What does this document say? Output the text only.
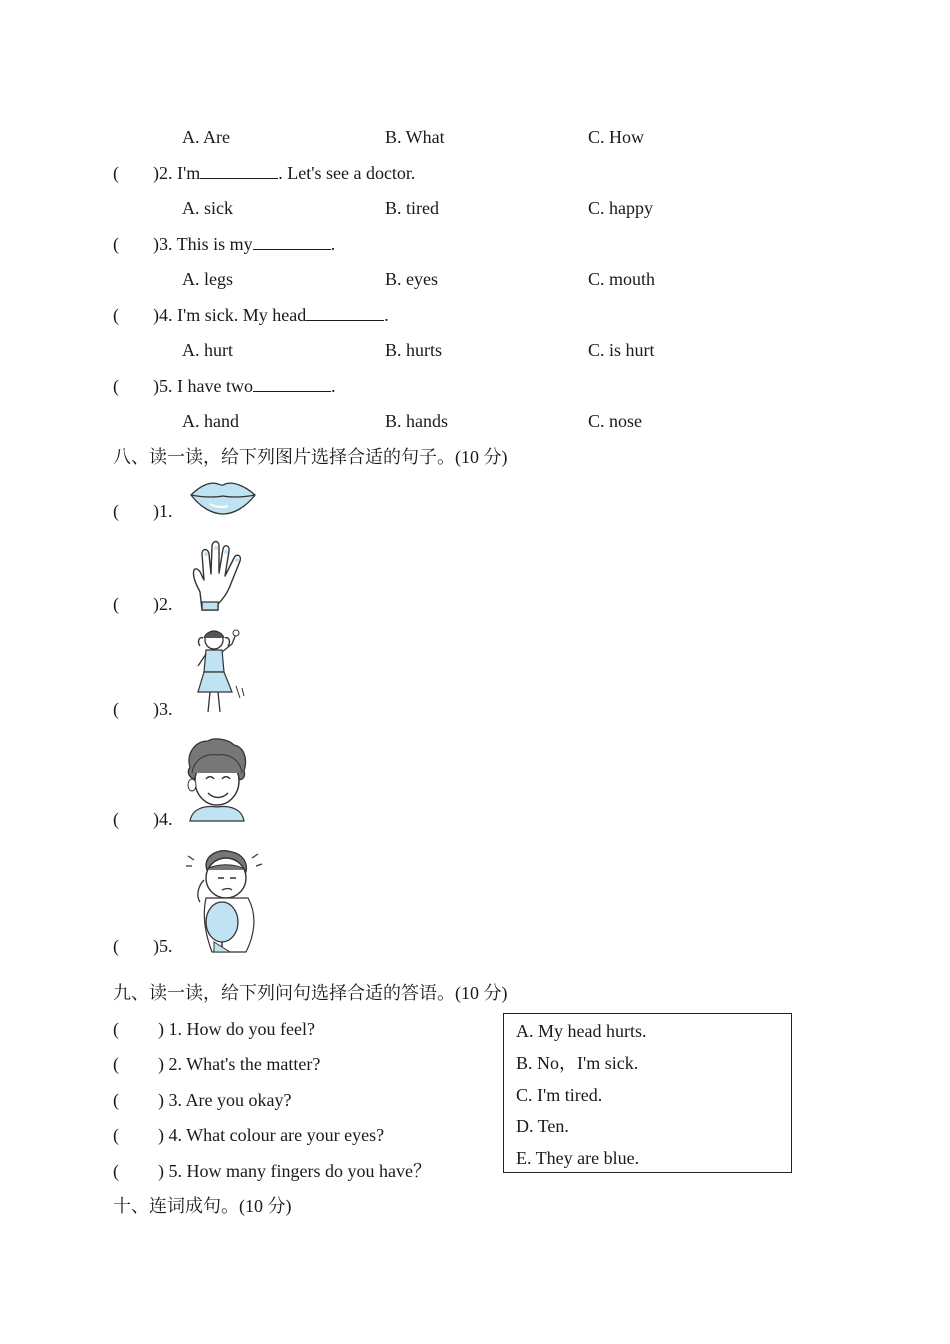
A. Are	B. What	C. How
( )2. I'm	. Let's see a doctor.
A. sick	B. tired	C. happy
( )3. This is my	.
A. legs	B. eyes	C. mouth
( )4. I'm sick. My head	.
A. hurt	B. hurts	C. is hurt
( )5. I have two	.
A. hand	B. hands	C. nose
八、读一读，给下列图片选择合适的句子。(10 分)
( )1.
( )2.
( )3.
( )4.
( )5.
九、读一读，给下列问句选择合适的答语。(10 分)
( ) 1. How do you feel?
( ) 2. What's the matter?
( ) 3. Are you okay?
( ) 4. What colour are your eyes?
( ) 5. How many fingers do you have？
A. My head hurts.
B. No，I'm sick.
C. I'm tired.
D. Ten.
E. They are blue.
十、连词成句。(10 分)
